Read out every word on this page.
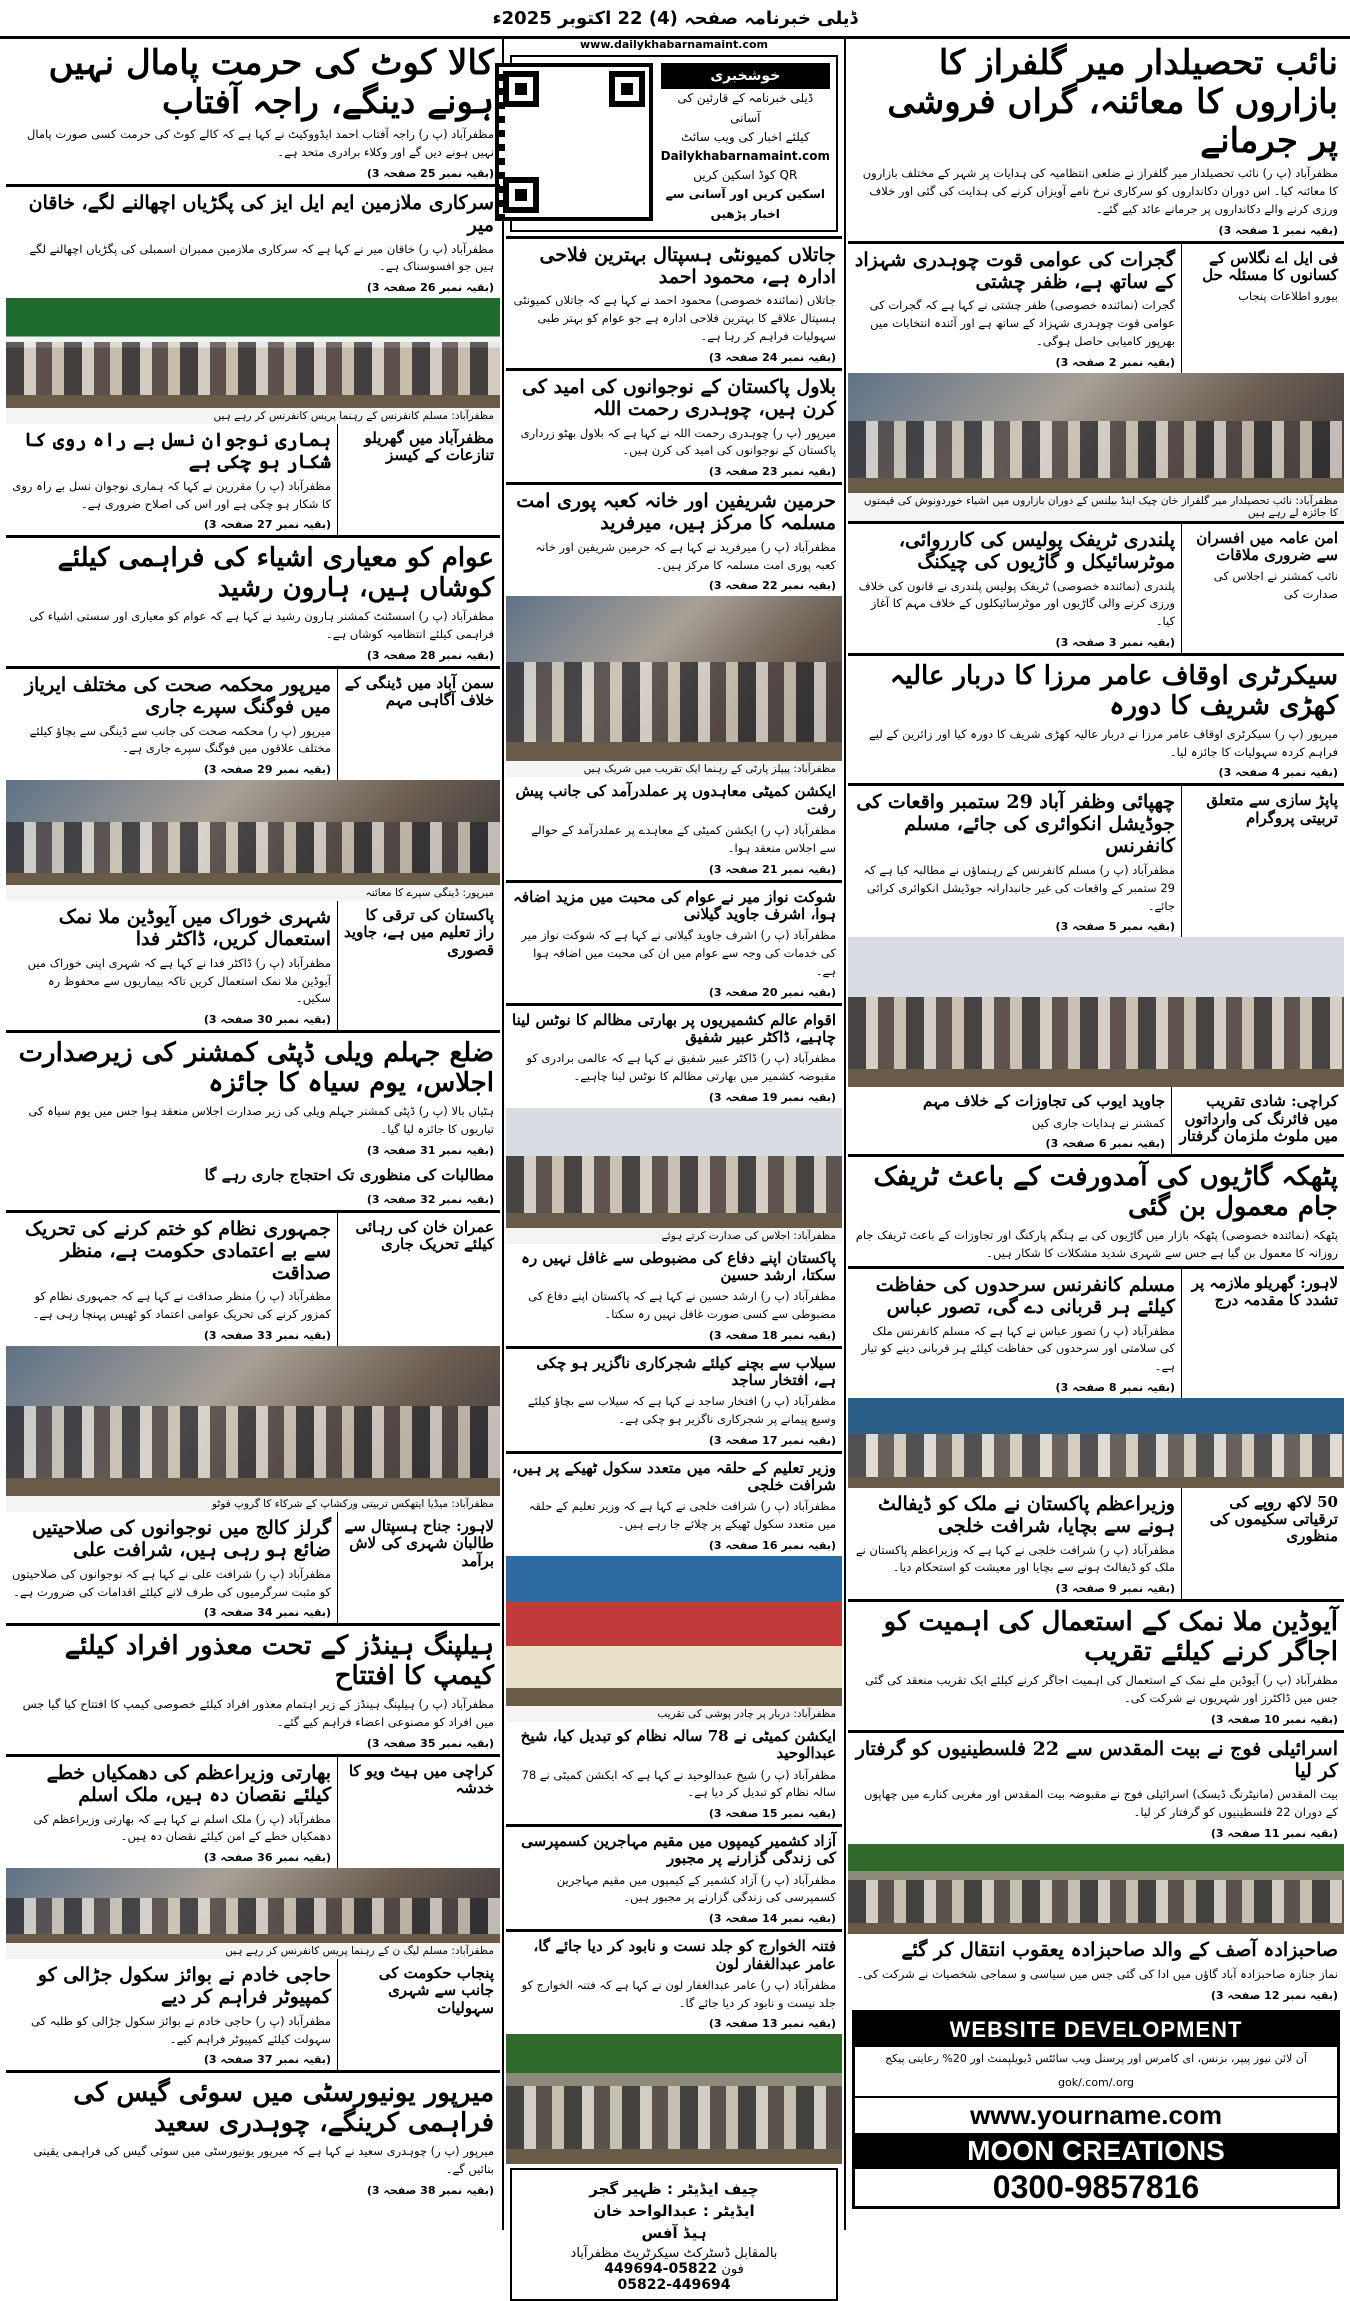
ڈیلی خبرنامہ صفحہ (4) 22 اکتوبر 2025ء
نائب تحصیلدار میر گلفراز کا بازاروں کا معائنہ، گراں فروشی پر جرمانے

مظفرآباد (پ ر) نائب تحصیلدار میر گلفراز نے ضلعی انتظامیہ کی ہدایات پر شہر کے مختلف بازاروں کا معائنہ کیا۔ اس دوران دکانداروں کو سرکاری نرخ نامے آویزاں کرنے کی ہدایت کی گئی اور خلاف ورزی کرنے والے دکانداروں پر جرمانے عائد کیے گئے۔

(بقیہ نمبر 1 صفحہ 3)
گجرات کی عوامی قوت چوہدری شہزاد کے ساتھ ہے، ظفر چشتی

گجرات (نمائندہ خصوصی) ظفر چشتی نے کہا ہے کہ گجرات کی عوامی قوت چوہدری شہزاد کے ساتھ ہے اور آئندہ انتخابات میں بھرپور کامیابی حاصل ہوگی۔

(بقیہ نمبر 2 صفحہ 3)
فی ایل اے نگلاس کے کسانوں کا مسئلہ حل

بیورو اطلاعات پنجاب

مظفرآباد: نائب تحصیلدار میر گلفراز خان چیک اینڈ بیلنس کے دوران بازاروں میں اشیاء خوردونوش کی قیمتوں کا جائزہ لے رہے ہیں
پلندری ٹریفک پولیس کی کارروائی، موٹرسائیکل و گاڑیوں کی چیکنگ

پلندری (نمائندہ خصوصی) ٹریفک پولیس پلندری نے قانون کی خلاف ورزی کرنے والی گاڑیوں اور موٹرسائیکلوں کے خلاف مہم کا آغاز کیا۔

(بقیہ نمبر 3 صفحہ 3)
امن عامہ میں افسران سے ضروری ملاقات

نائب کمشنر نے اجلاس کی صدارت کی

سیکرٹری اوقاف عامر مرزا کا دربار عالیہ کھڑی شریف کا دورہ

میرپور (پ ر) سیکرٹری اوقاف عامر مرزا نے دربار عالیہ کھڑی شریف کا دورہ کیا اور زائرین کے لیے فراہم کردہ سہولیات کا جائزہ لیا۔

(بقیہ نمبر 4 صفحہ 3)
چھپائی وظفر آباد 29 ستمبر واقعات کی جوڈیشل انکوائری کی جائے، مسلم کانفرنس

مظفرآباد (پ ر) مسلم کانفرنس کے رہنماؤں نے مطالبہ کیا ہے کہ 29 ستمبر کے واقعات کی غیر جانبدارانہ جوڈیشل انکوائری کرائی جائے۔

(بقیہ نمبر 5 صفحہ 3)
پاپڑ سازی سے متعلق تربیتی پروگرام
جاوید ایوب کی تجاوزات کے خلاف مہم

کمشنر نے ہدایات جاری کیں

(بقیہ نمبر 6 صفحہ 3)
کراچی: شادی تقریب میں فائرنگ کی وارداتوں میں ملوث ملزمان گرفتار
پٹھکہ گاڑیوں کی آمدورفت کے باعث ٹریفک جام معمول بن گئی

پٹھکہ (نمائندہ خصوصی) پٹھکہ بازار میں گاڑیوں کی بے ہنگم پارکنگ اور تجاوزات کے باعث ٹریفک جام روزانہ کا معمول بن گیا ہے جس سے شہری شدید مشکلات کا شکار ہیں۔

مسلم کانفرنس سرحدوں کی حفاظت کیلئے ہر قربانی دے گی، تصور عباس

مظفرآباد (پ ر) تصور عباس نے کہا ہے کہ مسلم کانفرنس ملک کی سلامتی اور سرحدوں کی حفاظت کیلئے ہر قربانی دینے کو تیار ہے۔

(بقیہ نمبر 8 صفحہ 3)
لاہور: گھریلو ملازمہ پر تشدد کا مقدمہ درج
وزیراعظم پاکستان نے ملک کو ڈیفالٹ ہونے سے بچایا، شرافت خلجی

مظفرآباد (پ ر) شرافت خلجی نے کہا ہے کہ وزیراعظم پاکستان نے ملک کو ڈیفالٹ ہونے سے بچایا اور معیشت کو استحکام دیا۔

(بقیہ نمبر 9 صفحہ 3)
50 لاکھ روپے کی ترقیاتی سکیموں کی منظوری
آیوڈین ملا نمک کے استعمال کی اہمیت کو اجاگر کرنے کیلئے تقریب

مظفرآباد (پ ر) آیوڈین ملے نمک کے استعمال کی اہمیت اجاگر کرنے کیلئے ایک تقریب منعقد کی گئی جس میں ڈاکٹرز اور شہریوں نے شرکت کی۔

(بقیہ نمبر 10 صفحہ 3)
اسرائیلی فوج نے بیت المقدس سے 22 فلسطینیوں کو گرفتار کر لیا

بیت المقدس (مانیٹرنگ ڈیسک) اسرائیلی فوج نے مقبوضہ بیت المقدس اور مغربی کنارے میں چھاپوں کے دوران 22 فلسطینیوں کو گرفتار کر لیا۔

(بقیہ نمبر 11 صفحہ 3)
صاحبزادہ آصف کے والد صاحبزادہ یعقوب انتقال کر گئے

نماز جنازہ صاحبزادہ آباد گاؤں میں ادا کی گئی جس میں سیاسی و سماجی شخصیات نے شرکت کی۔

(بقیہ نمبر 12 صفحہ 3)
WEBSITE DEVELOPMENT
آن لائن نیوز پیپر، بزنس، ای کامرس اور پرسنل ویب سائٹس ڈیویلپمنٹ اور 20% رعایتی پیکج
gok/.com/.org
www.yourname.com
MOON CREATIONS
0300-9857816
www.dailykhabarnamaint.com
خوشخبری
ڈیلی خبرنامہ کے قارئین کی آسانی
کیلئے اخبار کی ویب سائٹ
Dailykhabarnamaint.com
QR کوڈ اسکین کریں
اسکین کریں اور آسانی سے اخبار پڑھیں
جاتلاں کمیونٹی ہسپتال بہترین فلاحی ادارہ ہے، محمود احمد

جاتلاں (نمائندہ خصوصی) محمود احمد نے کہا ہے کہ جاتلاں کمیونٹی ہسپتال علاقے کا بہترین فلاحی ادارہ ہے جو عوام کو بہتر طبی سہولیات فراہم کر رہا ہے۔

(بقیہ نمبر 24 صفحہ 3)
بلاول پاکستان کے نوجوانوں کی امید کی کرن ہیں، چوہدری رحمت اللہ

میرپور (پ ر) چوہدری رحمت اللہ نے کہا ہے کہ بلاول بھٹو زرداری پاکستان کے نوجوانوں کی امید کی کرن ہیں۔

(بقیہ نمبر 23 صفحہ 3)
حرمین شریفین اور خانہ کعبہ پوری امت مسلمہ کا مرکز ہیں، میرفرید

مظفرآباد (پ ر) میرفرید نے کہا ہے کہ حرمین شریفین اور خانہ کعبہ پوری امت مسلمہ کا مرکز ہیں۔

(بقیہ نمبر 22 صفحہ 3)
مظفرآباد: پیپلز پارٹی کے رہنما ایک تقریب میں شریک ہیں
ایکشن کمیٹی معاہدوں پر عملدرآمد کی جانب پیش رفت

مظفرآباد (پ ر) ایکشن کمیٹی کے معاہدے پر عملدرآمد کے حوالے سے اجلاس منعقد ہوا۔

(بقیہ نمبر 21 صفحہ 3)
شوکت نواز میر نے عوام کی محبت میں مزید اضافہ ہوا، اشرف جاوید گیلانی

مظفرآباد (پ ر) اشرف جاوید گیلانی نے کہا ہے کہ شوکت نواز میر کی خدمات کی وجہ سے عوام میں ان کی محبت میں اضافہ ہوا ہے۔

(بقیہ نمبر 20 صفحہ 3)
اقوام عالم کشمیریوں پر بھارتی مظالم کا نوٹس لینا چاہیے، ڈاکٹر عبیر شفیق

مظفرآباد (پ ر) ڈاکٹر عبیر شفیق نے کہا ہے کہ عالمی برادری کو مقبوضہ کشمیر میں بھارتی مظالم کا نوٹس لینا چاہیے۔

(بقیہ نمبر 19 صفحہ 3)
مظفرآباد: اجلاس کی صدارت کرتے ہوئے
پاکستان اپنے دفاع کی مضبوطی سے غافل نہیں رہ سکتا، ارشد حسین

مظفرآباد (پ ر) ارشد حسین نے کہا ہے کہ پاکستان اپنے دفاع کی مضبوطی سے کسی صورت غافل نہیں رہ سکتا۔

(بقیہ نمبر 18 صفحہ 3)
سیلاب سے بچنے کیلئے شجرکاری ناگزیر ہو چکی ہے، افتخار ساجد

مظفرآباد (پ ر) افتخار ساجد نے کہا ہے کہ سیلاب سے بچاؤ کیلئے وسیع پیمانے پر شجرکاری ناگزیر ہو چکی ہے۔

(بقیہ نمبر 17 صفحہ 3)
وزیر تعلیم کے حلقہ میں متعدد سکول ٹھیکے پر ہیں، شرافت خلجی

مظفرآباد (پ ر) شرافت خلجی نے کہا ہے کہ وزیر تعلیم کے حلقہ میں متعدد سکول ٹھیکے پر چلائے جا رہے ہیں۔

(بقیہ نمبر 16 صفحہ 3)
مظفرآباد: دربار پر چادر پوشی کی تقریب
ایکشن کمیٹی نے 78 سالہ نظام کو تبدیل کیا، شیخ عبدالوحید

مظفرآباد (پ ر) شیخ عبدالوحید نے کہا ہے کہ ایکشن کمیٹی نے 78 سالہ نظام کو تبدیل کر دیا ہے۔

(بقیہ نمبر 15 صفحہ 3)
آزاد کشمیر کیمپوں میں مقیم مہاجرین کسمپرسی کی زندگی گزارنے پر مجبور

مظفرآباد (پ ر) آزاد کشمیر کے کیمپوں میں مقیم مہاجرین کسمپرسی کی زندگی گزارنے پر مجبور ہیں۔

(بقیہ نمبر 14 صفحہ 3)
فتنہ الخوارج کو جلد نست و نابود کر دیا جائے گا، عامر عبدالغفار لون

مظفرآباد (پ ر) عامر عبدالغفار لون نے کہا ہے کہ فتنہ الخوارج کو جلد نیست و نابود کر دیا جائے گا۔

(بقیہ نمبر 13 صفحہ 3)
چیف ایڈیٹر : ظہیر گجر
ایڈیٹر : عبدالواحد خان
ہیڈ آفس
بالمقابل ڈسٹرکٹ سیکرٹریٹ مظفرآباد
فون 05822-449694
05822-449694
کالا کوٹ کی حرمت پامال نہیں ہونے دینگے، راجہ آفتاب

مظفرآباد (پ ر) راجہ آفتاب احمد ایڈووکیٹ نے کہا ہے کہ کالے کوٹ کی حرمت کسی صورت پامال نہیں ہونے دیں گے اور وکلاء برادری متحد ہے۔

(بقیہ نمبر 25 صفحہ 3)
سرکاری ملازمین ایم ایل ایز کی پگڑیاں اچھالنے لگے، خاقان میر

مظفرآباد (پ ر) خاقان میر نے کہا ہے کہ سرکاری ملازمین ممبران اسمبلی کی پگڑیاں اچھالنے لگے ہیں جو افسوسناک ہے۔

(بقیہ نمبر 26 صفحہ 3)
مظفرآباد: مسلم کانفرنس کے رہنما پریس کانفرنس کر رہے ہیں
ہماری نوجوان نسل بے راہ روی کا شکار ہو چکی ہے

مظفرآباد (پ ر) مقررین نے کہا کہ ہماری نوجوان نسل بے راہ روی کا شکار ہو چکی ہے اور اس کی اصلاح ضروری ہے۔

(بقیہ نمبر 27 صفحہ 3)
مظفرآباد میں گھریلو تنازعات کے کیسز
عوام کو معیاری اشیاء کی فراہمی کیلئے کوشاں ہیں، ہارون رشید

مظفرآباد (پ ر) اسسٹنٹ کمشنر ہارون رشید نے کہا ہے کہ عوام کو معیاری اور سستی اشیاء کی فراہمی کیلئے انتظامیہ کوشاں ہے۔

(بقیہ نمبر 28 صفحہ 3)
میرپور محکمہ صحت کی مختلف ایریاز میں فوگنگ سپرے جاری

میرپور (پ ر) محکمہ صحت کی جانب سے ڈینگی سے بچاؤ کیلئے مختلف علاقوں میں فوگنگ سپرے جاری ہے۔

(بقیہ نمبر 29 صفحہ 3)
سمن آباد میں ڈینگی کے خلاف آگاہی مہم
میرپور: ڈینگی سپرے کا معائنہ
شہری خوراک میں آیوڈین ملا نمک استعمال کریں، ڈاکٹر فدا

مظفرآباد (پ ر) ڈاکٹر فدا نے کہا ہے کہ شہری اپنی خوراک میں آیوڈین ملا نمک استعمال کریں تاکہ بیماریوں سے محفوظ رہ سکیں۔

(بقیہ نمبر 30 صفحہ 3)
پاکستان کی ترقی کا راز تعلیم میں ہے، جاوید قصوری
ضلع جہلم ویلی ڈپٹی کمشنر کی زیرصدارت اجلاس، یوم سیاہ کا جائزہ

ہٹیاں بالا (پ ر) ڈپٹی کمشنر جہلم ویلی کی زیر صدارت اجلاس منعقد ہوا جس میں یوم سیاہ کی تیاریوں کا جائزہ لیا گیا۔

(بقیہ نمبر 31 صفحہ 3)
مطالبات کی منظوری تک احتجاج جاری رہے گا
(بقیہ نمبر 32 صفحہ 3)
جمہوری نظام کو ختم کرنے کی تحریک سے بے اعتمادی حکومت ہے، منظر صداقت

مظفرآباد (پ ر) منظر صداقت نے کہا ہے کہ جمہوری نظام کو کمزور کرنے کی تحریک عوامی اعتماد کو ٹھیس پہنچا رہی ہے۔

(بقیہ نمبر 33 صفحہ 3)
عمران خان کی رہائی کیلئے تحریک جاری
مظفرآباد: میڈیا ایتھکس تربیتی ورکشاپ کے شرکاء کا گروپ فوٹو
گرلز کالج میں نوجوانوں کی صلاحیتیں ضائع ہو رہی ہیں، شرافت علی

مظفرآباد (پ ر) شرافت علی نے کہا ہے کہ نوجوانوں کی صلاحیتوں کو مثبت سرگرمیوں کی طرف لانے کیلئے اقدامات کی ضرورت ہے۔

(بقیہ نمبر 34 صفحہ 3)
لاہور: جناح ہسپتال سے طالبان شہری کی لاش برآمد
ہیلپنگ ہینڈز کے تحت معذور افراد کیلئے کیمپ کا افتتاح

مظفرآباد (پ ر) ہیلپنگ ہینڈز کے زیر اہتمام معذور افراد کیلئے خصوصی کیمپ کا افتتاح کیا گیا جس میں افراد کو مصنوعی اعضاء فراہم کیے گئے۔

(بقیہ نمبر 35 صفحہ 3)
بھارتی وزیراعظم کی دھمکیاں خطے کیلئے نقصان دہ ہیں، ملک اسلم

مظفرآباد (پ ر) ملک اسلم نے کہا ہے کہ بھارتی وزیراعظم کی دھمکیاں خطے کے امن کیلئے نقصان دہ ہیں۔

(بقیہ نمبر 36 صفحہ 3)
کراچی میں ہیٹ ویو کا خدشہ
مظفرآباد: مسلم لیگ ن کے رہنما پریس کانفرنس کر رہے ہیں
حاجی خادم نے بوائز سکول جڑالی کو کمپیوٹر فراہم کر دیے

مظفرآباد (پ ر) حاجی خادم نے بوائز سکول جڑالی کو طلبہ کی سہولت کیلئے کمپیوٹر فراہم کیے۔

(بقیہ نمبر 37 صفحہ 3)
پنجاب حکومت کی جانب سے شہری سہولیات
میرپور یونیورسٹی میں سوئی گیس کی فراہمی کرینگے، چوہدری سعید

میرپور (پ ر) چوہدری سعید نے کہا ہے کہ میرپور یونیورسٹی میں سوئی گیس کی فراہمی یقینی بنائیں گے۔

(بقیہ نمبر 38 صفحہ 3)
